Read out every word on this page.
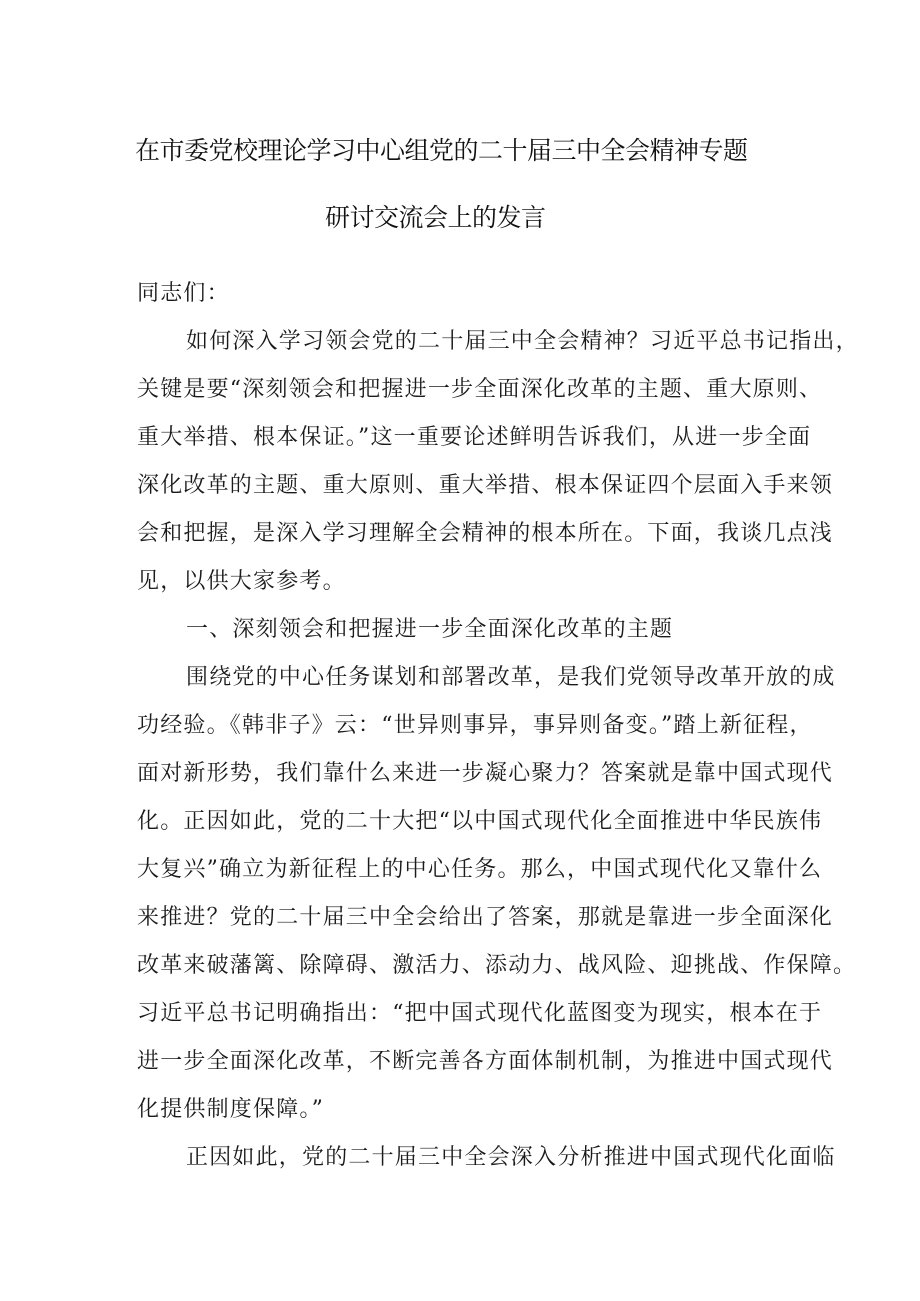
在市委党校理论学习中心组党的二十届三中全会精神专题
研讨交流会上的发言
同志们：
如何深入学习领会党的二十届三中全会精神？习近平总书记指出，
关键是要“深刻领会和把握进一步全面深化改革的主题、重大原则、
重大举措、根本保证。”这一重要论述鲜明告诉我们，从进一步全面
深化改革的主题、重大原则、重大举措、根本保证四个层面入手来领
会和把握，是深入学习理解全会精神的根本所在。下面，我谈几点浅
见，以供大家参考。
一、深刻领会和把握进一步全面深化改革的主题
围绕党的中心任务谋划和部署改革，是我们党领导改革开放的成
功经验。《韩非子》云：“世异则事异，事异则备变。”踏上新征程，
面对新形势，我们靠什么来进一步凝心聚力？答案就是靠中国式现代
化。正因如此，党的二十大把“以中国式现代化全面推进中华民族伟
大复兴”确立为新征程上的中心任务。那么，中国式现代化又靠什么
来推进？党的二十届三中全会给出了答案，那就是靠进一步全面深化
改革来破藩篱、除障碍、激活力、添动力、战风险、迎挑战、作保障。
习近平总书记明确指出：“把中国式现代化蓝图变为现实，根本在于
进一步全面深化改革，不断完善各方面体制机制，为推进中国式现代
化提供制度保障。”
正因如此，党的二十届三中全会深入分析推进中国式现代化面临
